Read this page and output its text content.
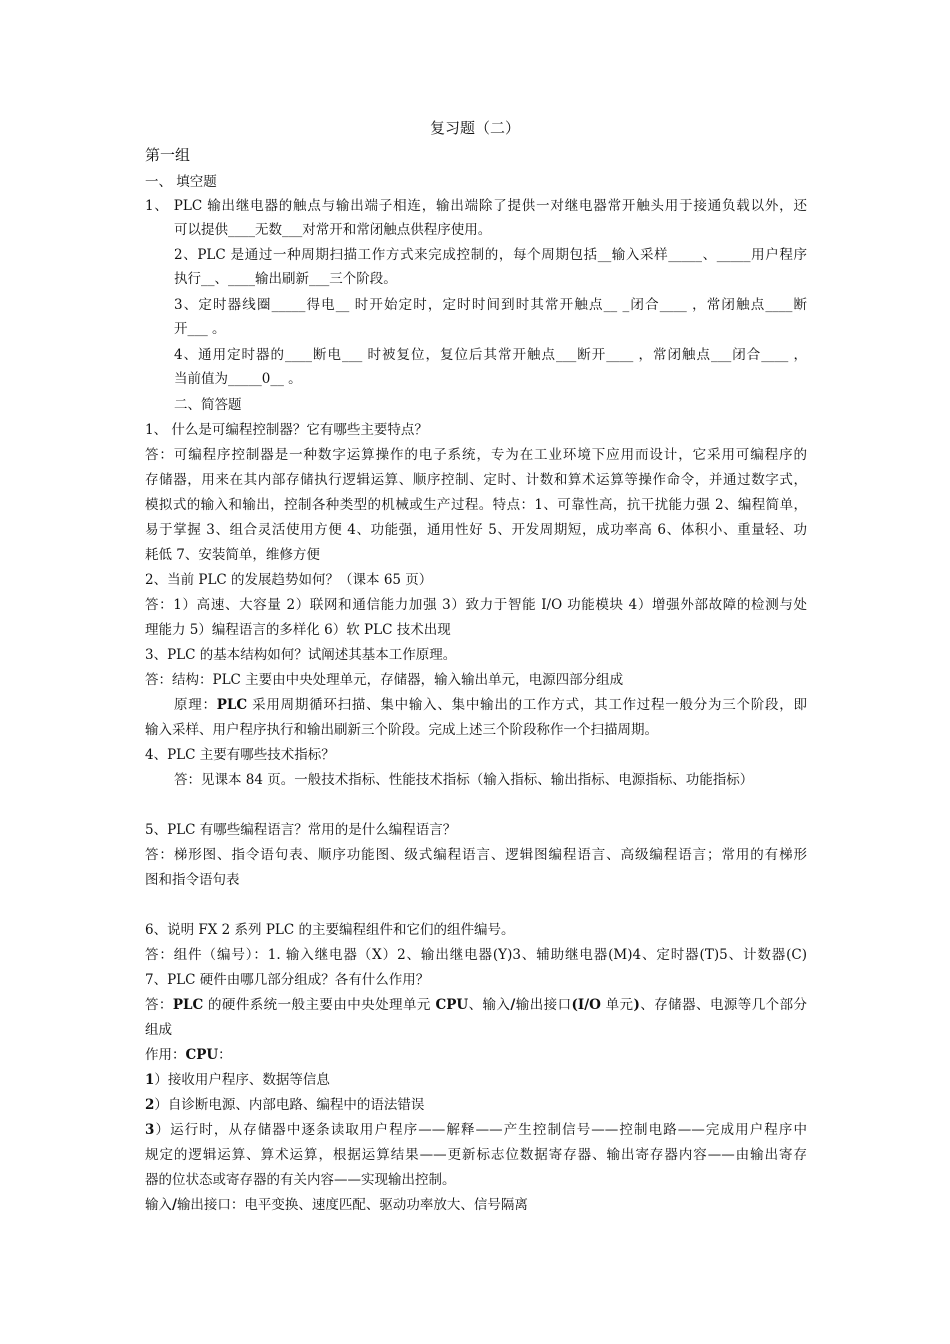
复习题（二）
第一组
一、 填空题
1、 PLC 输出继电器的触点与输出端子相连，输出端除了提供一对继电器常开触头用于接通负载以外，还
可以提供____无数___对常开和常闭触点供程序使用。
2、PLC 是通过一种周期扫描工作方式来完成控制的，每个周期包括__输入采样_____、_____用户程序
执行__、____输出刷新___三个阶段。
3、定时器线圈_____得电__ 时开始定时，定时时间到时其常开触点__ _闭合____ ，常闭触点____断
开___ 。
4、通用定时器的____断电___ 时被复位，复位后其常开触点___断开____ ，常闭触点___闭合____ ，
当前值为_____0__ 。
二、简答题
1、 什么是可编程控制器？它有哪些主要特点？
答：可编程序控制器是一种数字运算操作的电子系统，专为在工业环境下应用而设计，它采用可编程序的
存储器，用来在其内部存储执行逻辑运算、顺序控制、定时、计数和算术运算等操作命令，并通过数字式，
模拟式的输入和输出，控制各种类型的机械或生产过程。特点：1、可靠性高，抗干扰能力强 2、编程简单，
易于掌握 3、组合灵活使用方便 4、功能强，通用性好 5、开发周期短，成功率高 6、体积小、重量轻、功
耗低 7、安装简单，维修方便
2、当前 PLC 的发展趋势如何？（课本 65 页）
答：1）高速、大容量 2）联网和通信能力加强 3）致力于智能 I/O 功能模块 4）增强外部故障的检测与处
理能力 5）编程语言的多样化 6）软 PLC 技术出现
3、PLC 的基本结构如何？试阐述其基本工作原理。
答：结构：PLC 主要由中央处理单元，存储器，输入输出单元，电源四部分组成
原理：PLC 采用周期循环扫描、集中输入、集中输出的工作方式，其工作过程一般分为三个阶段，即
输入采样、用户程序执行和输出刷新三个阶段。完成上述三个阶段称作一个扫描周期。
4、PLC 主要有哪些技术指标？
答：见课本 84 页。一般技术指标、性能技术指标（输入指标、输出指标、电源指标、功能指标）
5、PLC 有哪些编程语言？常用的是什么编程语言？
答：梯形图、指令语句表、顺序功能图、级式编程语言、逻辑图编程语言、高级编程语言；常用的有梯形
图和指令语句表
6、说明 FX 2 系列 PLC 的主要编程组件和它们的组件编号。
答：组件（编号）：1. 输入继电器（X）2、输出继电器(Y)3、辅助继电器(M)4、定时器(T)5、计数器(C)
7、PLC 硬件由哪几部分组成？各有什么作用？
答：PLC 的硬件系统一般主要由中央处理单元 CPU、输入/输出接口(I/O 单元)、存储器、电源等几个部分
组成
作用：CPU：
1）接收用户程序、数据等信息
2）自诊断电源、内部电路、编程中的语法错误
3）运行时，从存储器中逐条读取用户程序——解释——产生控制信号——控制电路——完成用户程序中
规定的逻辑运算、算术运算，根据运算结果——更新标志位数据寄存器、输出寄存器内容——由输出寄存
器的位状态或寄存器的有关内容——实现输出控制。
输入/输出接口：电平变换、速度匹配、驱动功率放大、信号隔离
